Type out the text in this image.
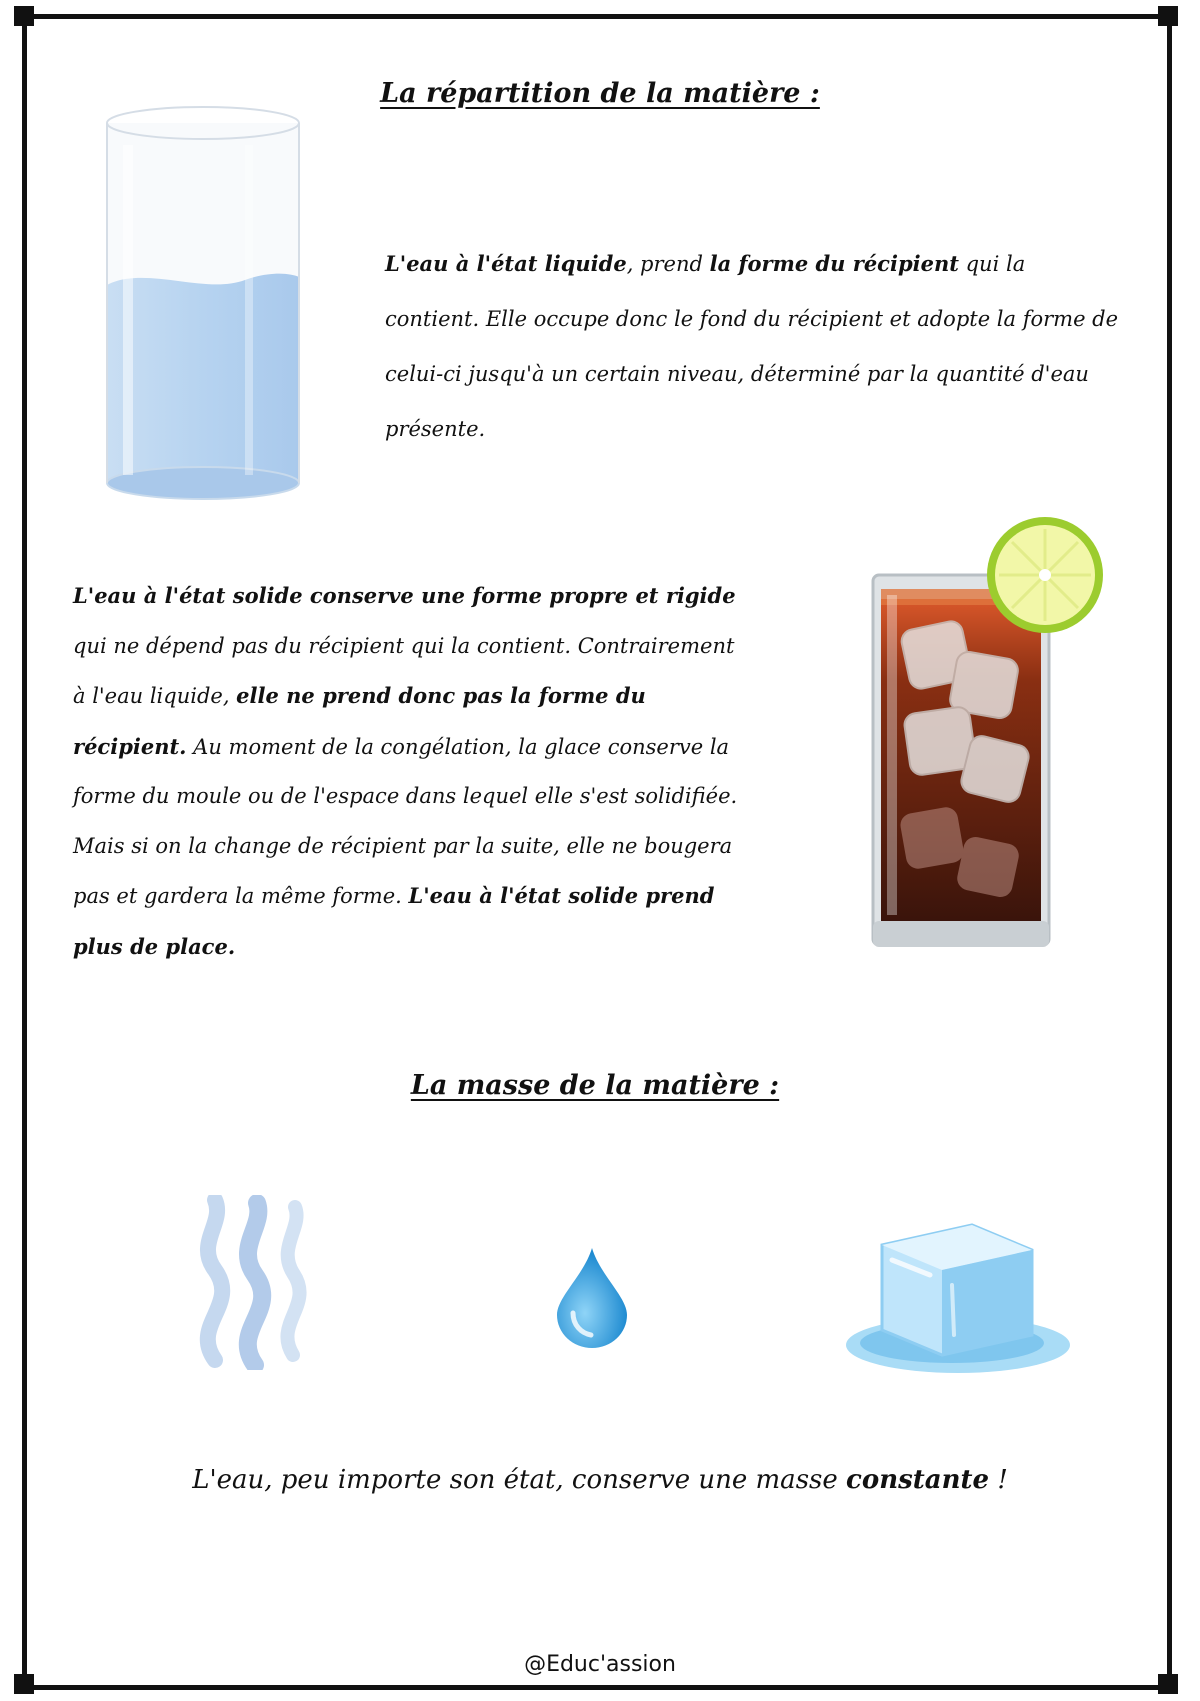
La répartition de la matière :

L'eau à l'état liquide, prend la forme du récipient qui la contient. Elle occupe donc le fond du récipient et adopte la forme de celui-ci jusqu'à un certain niveau, déterminé par la quantité d'eau présente.

L'eau à l'état solide conserve une forme propre et rigide qui ne dépend pas du récipient qui la contient. Contrairement à l'eau liquide, elle ne prend donc pas la forme du récipient. Au moment de la congélation, la glace conserve la forme du moule ou de l'espace dans lequel elle s'est solidifiée. Mais si on la change de récipient par la suite, elle ne bougera pas et gardera la même forme. L'eau à l'état solide prend plus de place.

La masse de la matière :
L'eau, peu importe son état, conserve une masse constante !
@Educ'assion
